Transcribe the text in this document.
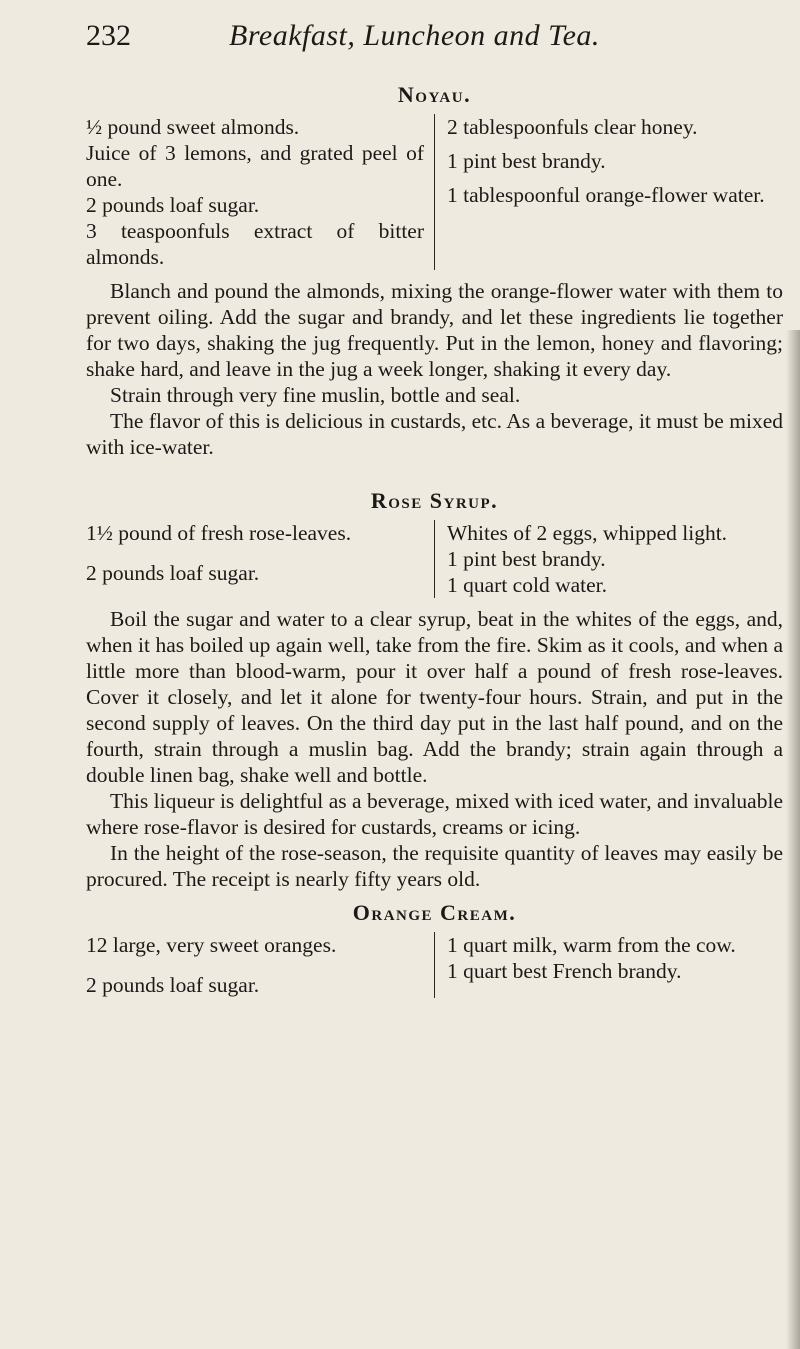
232	Breakfast, Luncheon and Tea.
Noyau.

½ pound sweet almonds.

Juice of 3 lemons, and grated peel of one.

2 pounds loaf sugar.

3 teaspoonfuls extract of bitter almonds.

2 tablespoonfuls clear honey.

1 pint best brandy.

1 tablespoonful orange-flower water.

Blanch and pound the almonds, mixing the orange-flower water with them to prevent oiling. Add the sugar and brandy, and let these ingredients lie together for two days, shaking the jug frequently. Put in the lemon, honey and flavoring; shake hard, and leave in the jug a week longer, shaking it every day.

Strain through very fine muslin, bottle and seal.

The flavor of this is delicious in custards, etc. As a beverage, it must be mixed with ice-water.

Rose Syrup.

1½ pound of fresh rose-leaves.

2 pounds loaf sugar.

Whites of 2 eggs, whipped light.

1 pint best brandy.

1 quart cold water.

Boil the sugar and water to a clear syrup, beat in the whites of the eggs, and, when it has boiled up again well, take from the fire. Skim as it cools, and when a little more than blood-warm, pour it over half a pound of fresh rose-leaves. Cover it closely, and let it alone for twenty-four hours. Strain, and put in the second supply of leaves. On the third day put in the last half pound, and on the fourth, strain through a muslin bag. Add the brandy; strain again through a double linen bag, shake well and bottle.

This liqueur is delightful as a beverage, mixed with iced water, and invaluable where rose-flavor is desired for custards, creams or icing.

In the height of the rose-season, the requisite quantity of leaves may easily be procured. The receipt is nearly fifty years old.

Orange Cream.

12 large, very sweet oranges.

2 pounds loaf sugar.

1 quart milk, warm from the cow.

1 quart best French brandy.
